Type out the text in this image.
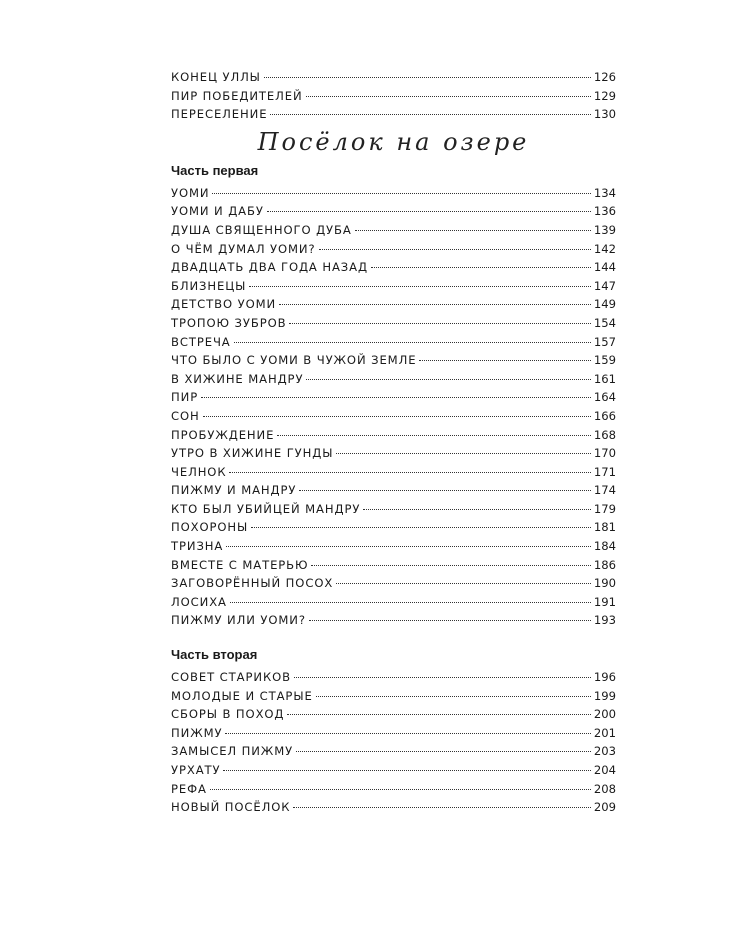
КОНЕЦ УЛЛЫ	126
ПИР ПОБЕДИТЕЛЕЙ	129
ПЕРЕСЕЛЕНИЕ	130
Посёлок на озере
Часть первая
УОМИ	134
УОМИ И ДАБУ	136
ДУША СВЯЩЕННОГО ДУБА	139
О ЧЁМ ДУМАЛ УОМИ?	142
ДВАДЦАТЬ ДВА ГОДА НАЗАД	144
БЛИЗНЕЦЫ	147
ДЕТСТВО УОМИ	149
ТРОПОЮ ЗУБРОВ	154
ВСТРЕЧА	157
ЧТО БЫЛО С УОМИ В ЧУЖОЙ ЗЕМЛЕ	159
В ХИЖИНЕ МАНДРУ	161
ПИР	164
СОН	166
ПРОБУЖДЕНИЕ	168
УТРО В ХИЖИНЕ ГУНДЫ	170
ЧЕЛНОК	171
ПИЖМУ И МАНДРУ	174
КТО БЫЛ УБИЙЦЕЙ МАНДРУ	179
ПОХОРОНЫ	181
ТРИЗНА	184
ВМЕСТЕ С МАТЕРЬЮ	186
ЗАГОВОРЁННЫЙ ПОСОХ	190
ЛОСИХА	191
ПИЖМУ ИЛИ УОМИ?	193
Часть вторая
СОВЕТ СТАРИКОВ	196
МОЛОДЫЕ И СТАРЫЕ	199
СБОРЫ В ПОХОД	200
ПИЖМУ	201
ЗАМЫСЕЛ ПИЖМУ	203
УРХАТУ	204
РЕФА	208
НОВЫЙ ПОСЁЛОК	209
